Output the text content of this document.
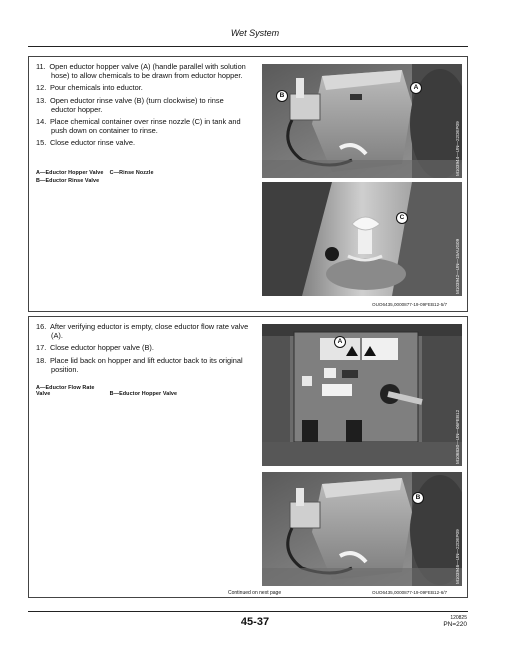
Wet System

11. Open eductor hopper valve (A) (handle parallel with solution hose) to allow chemicals to be drawn from eductor hopper.

12. Pour chemicals into eductor.

13. Open eductor rinse valve (B) (turn clockwise) to rinse eductor hopper.

14. Place chemical container over rinse nozzle (C) in tank and push down on container to rinse.

15. Close eductor rinse valve.

A—Eductor Hopper Valve C—Rinse Nozzle
B—Eductor Rinse Valve
B
A
M103944—UN—22DEP09
C
M103942—UN—15AUG09
OUO6435,0000877-19-09FEB12-5/7

16. After verifying eductor is empty, close eductor flow rate valve (A).

17. Close eductor hopper valve (B).

18. Place lid back on hopper and lift eductor back to its original position.

A—Eductor Flow Rate Valve	B—Eductor Hopper Valve
A
M106830—UN—06FEB12
B
M103946—UN—22DEP09
Continued on next page	OUO6435,0000877-19-09FEB12-6/7
45-37	120825
PN=220
